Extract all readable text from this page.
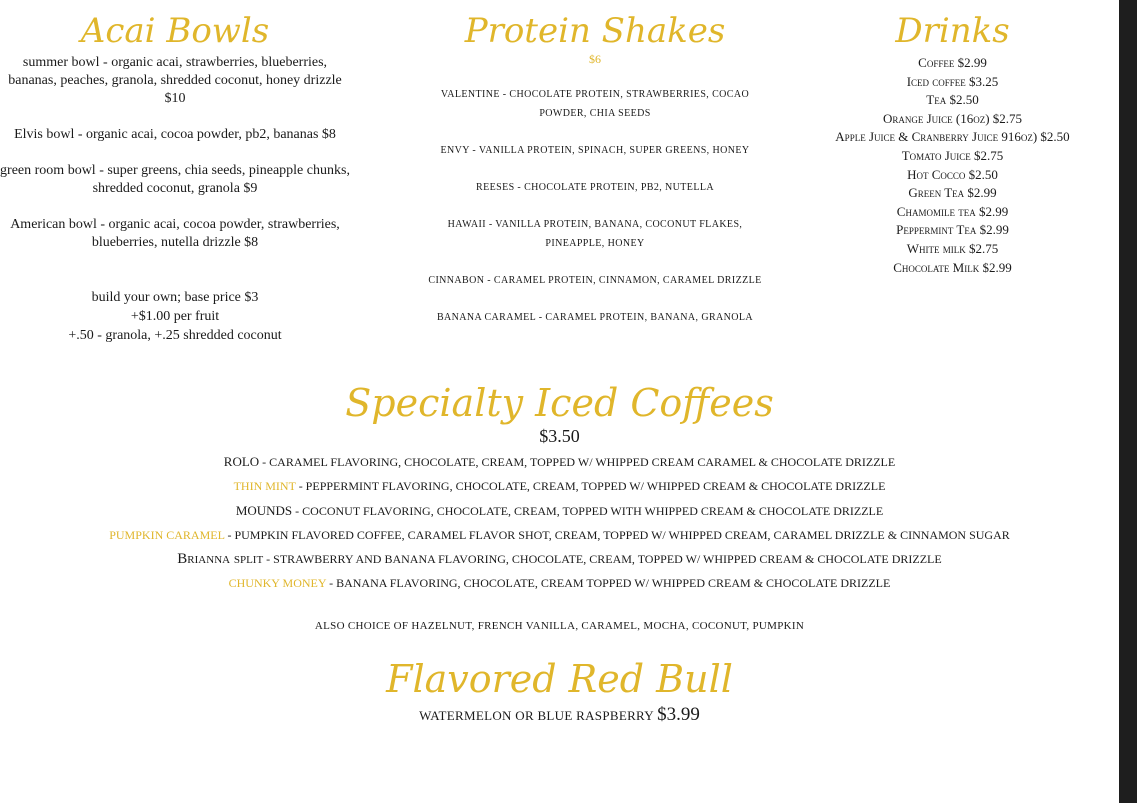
Acai Bowls

summer bowl - organic acai, strawberries, blueberries, bananas, peaches, granola, shredded coconut, honey drizzle $10

Elvis bowl - organic acai, cocoa powder, pb2, bananas $8

green room bowl - super greens, chia seeds, pineapple chunks, shredded coconut, granola $9

American bowl - organic acai, cocoa powder, strawberries, blueberries, nutella drizzle $8

build your own; base price $3

+$1.00 per fruit

+.50 - granola, +.25 shredded coconut

Protein Shakes

$6

VALENTINE - CHOCOLATE PROTEIN, STRAWBERRIES, COCAO POWDER, CHIA SEEDS

ENVY - VANILLA PROTEIN, SPINACH, SUPER GREENS, HONEY

REESES - CHOCOLATE PROTEIN, PB2, NUTELLA

HAWAII - VANILLA PROTEIN, BANANA, COCONUT FLAKES, PINEAPPLE, HONEY

CINNABON - CARAMEL PROTEIN, CINNAMON, CARAMEL DRIZZLE

BANANA CARAMEL - CARAMEL PROTEIN, BANANA, GRANOLA

Drinks

Coffee $2.99

Iced coffee $3.25

Tea $2.50

Orange Juice (16oz) $2.75

Apple Juice & Cranberry Juice 916oz) $2.50

Tomato Juice $2.75

Hot Cocco $2.50

Green Tea $2.99

Chamomile tea $2.99

Peppermint Tea $2.99

White milk $2.75

Chocolate Milk $2.99

Specialty Iced Coffees

$3.50

ROLO - CARAMEL FLAVORING, CHOCOLATE, CREAM, TOPPED W/ WHIPPED CREAM CARAMEL & CHOCOLATE DRIZZLE

THIN MINT - PEPPERMINT FLAVORING, CHOCOLATE, CREAM, TOPPED W/ WHIPPED CREAM & CHOCOLATE DRIZZLE

MOUNDS - COCONUT FLAVORING, CHOCOLATE, CREAM, TOPPED WITH WHIPPED CREAM & CHOCOLATE DRIZZLE

PUMPKIN CARAMEL - PUMPKIN FLAVORED COFFEE, CARAMEL FLAVOR SHOT, CREAM, TOPPED W/ WHIPPED CREAM, CARAMEL DRIZZLE & CINNAMON SUGAR

Brianna split - STRAWBERRY AND BANANA FLAVORING, CHOCOLATE, CREAM, TOPPED W/ WHIPPED CREAM & CHOCOLATE DRIZZLE

CHUNKY MONEY - BANANA FLAVORING, CHOCOLATE, CREAM TOPPED W/ WHIPPED CREAM & CHOCOLATE DRIZZLE

ALSO CHOICE OF HAZELNUT, FRENCH VANILLA, CARAMEL, MOCHA, COCONUT, PUMPKIN

Flavored Red Bull

WATERMELON OR BLUE RASPBERRY $3.99
